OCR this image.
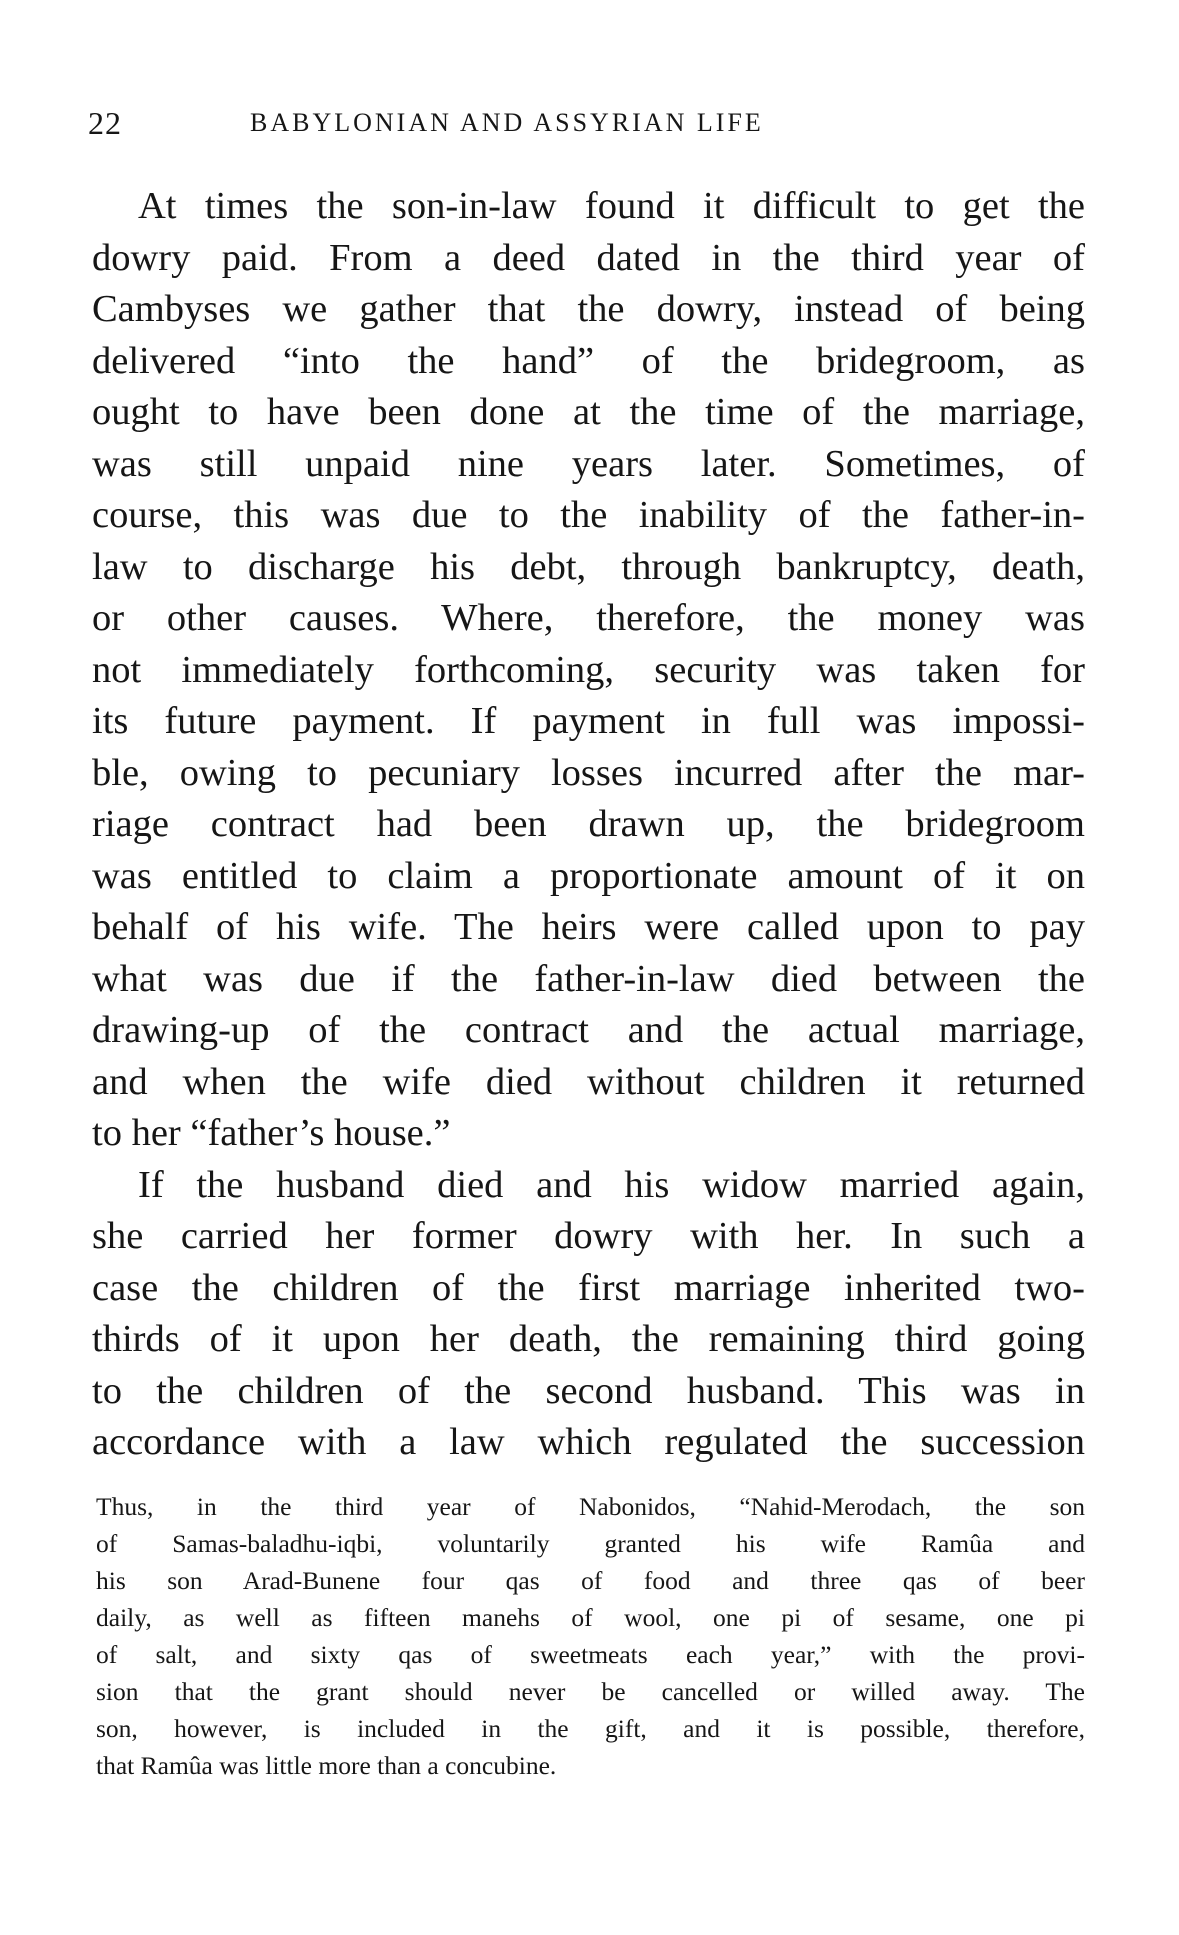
22	BABYLONIAN AND ASSYRIAN LIFE
At times the son-in-law found it difficult to get the
dowry paid. From a deed dated in the third year of
Cambyses we gather that the dowry, instead of being
delivered “into the hand” of the bridegroom, as
ought to have been done at the time of the marriage,
was still unpaid nine years later. Sometimes, of
course, this was due to the inability of the father-in-
law to discharge his debt, through bankruptcy, death,
or other causes. Where, therefore, the money was
not immediately forthcoming, security was taken for
its future payment. If payment in full was impossi-
ble, owing to pecuniary losses incurred after the mar-
riage contract had been drawn up, the bridegroom
was entitled to claim a proportionate amount of it on
behalf of his wife. The heirs were called upon to pay
what was due if the father-in-law died between the
drawing-up of the contract and the actual marriage,
and when the wife died without children it returned
to her “father’s house.”
If the husband died and his widow married again,
she carried her former dowry with her. In such a
case the children of the first marriage inherited two-
thirds of it upon her death, the remaining third going
to the children of the second husband. This was in
accordance with a law which regulated the succession
Thus, in the third year of Nabonidos, “Nahid-Merodach, the son
of Samas-baladhu-iqbi, voluntarily granted his wife Ramûa and
his son Arad-Bunene four qas of food and three qas of beer
daily, as well as fifteen manehs of wool, one pi of sesame, one pi
of salt, and sixty qas of sweetmeats each year,” with the provi-
sion that the grant should never be cancelled or willed away. The
son, however, is included in the gift, and it is possible, therefore,
that Ramûa was little more than a concubine.
